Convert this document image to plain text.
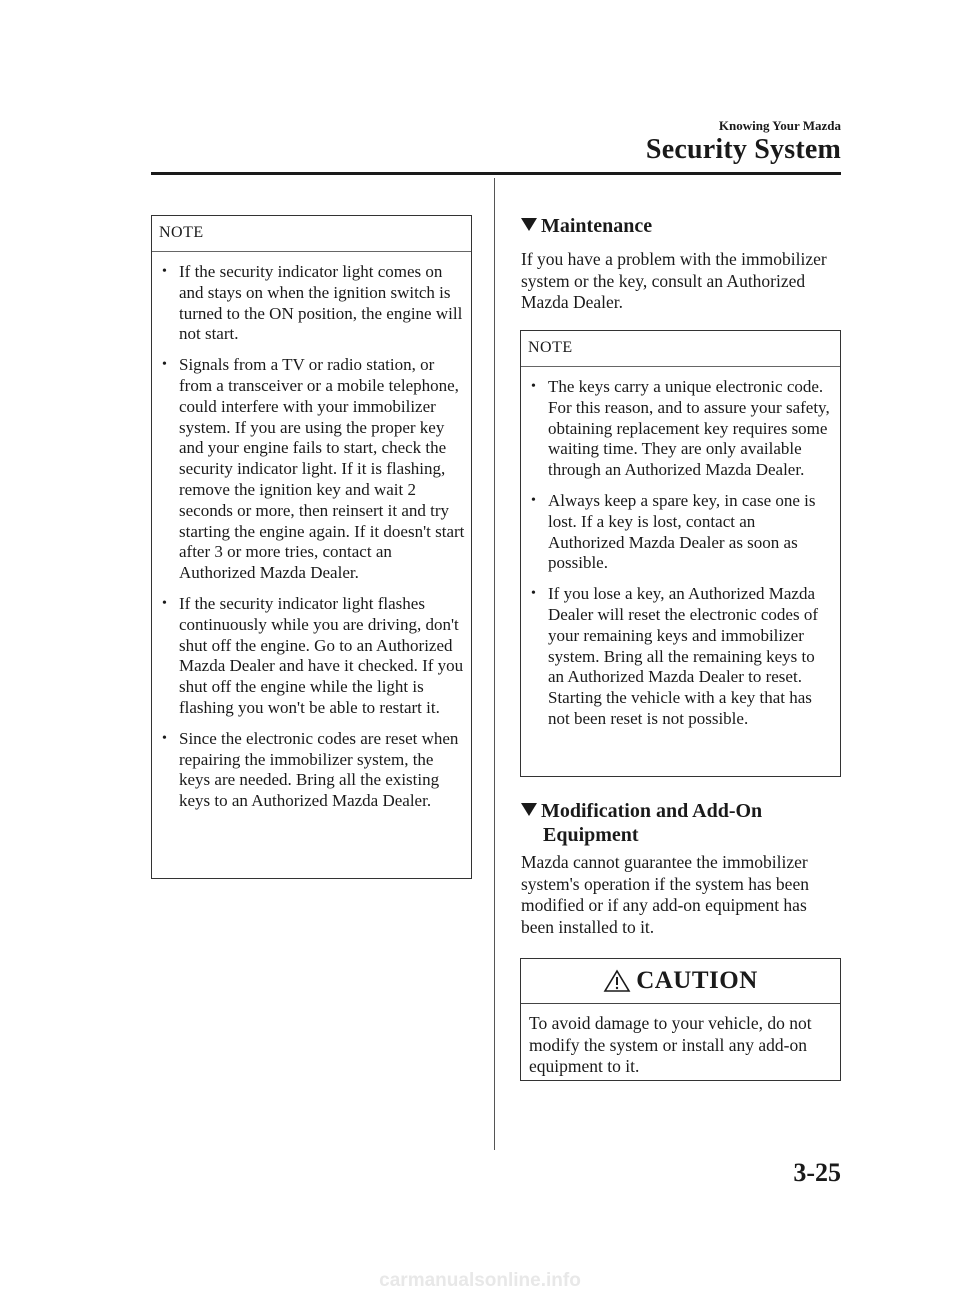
Knowing Your Mazda
Security System
NOTE
• If the security indicator light comes on and stays on when the ignition switch is turned to the ON position, the engine will not start.
• Signals from a TV or radio station, or from a transceiver or a mobile telephone, could interfere with your immobilizer system. If you are using the proper key and your engine fails to start, check the security indicator light. If it is flashing, remove the ignition key and wait 2 seconds or more, then reinsert it and try starting the engine again. If it doesn't start after 3 or more tries, contact an Authorized Mazda Dealer.
• If the security indicator light flashes continuously while you are driving, don't shut off the engine. Go to an Authorized Mazda Dealer and have it checked. If you shut off the engine while the light is flashing you won't be able to restart it.
• Since the electronic codes are reset when repairing the immobilizer system, the keys are needed. Bring all the existing keys to an Authorized Mazda Dealer.
Maintenance
If you have a problem with the immobilizer system or the key, consult an Authorized Mazda Dealer.
NOTE
• The keys carry a unique electronic code. For this reason, and to assure your safety, obtaining replacement key requires some waiting time. They are only available through an Authorized Mazda Dealer.
• Always keep a spare key, in case one is lost. If a key is lost, contact an Authorized Mazda Dealer as soon as possible.
• If you lose a key, an Authorized Mazda Dealer will reset the electronic codes of your remaining keys and immobilizer system. Bring all the remaining keys to an Authorized Mazda Dealer to reset. Starting the vehicle with a key that has not been reset is not possible.
Modification and Add-On
Equipment
Mazda cannot guarantee the immobilizer system's operation if the system has been modified or if any add-on equipment has been installed to it.
CAUTION
To avoid damage to your vehicle, do not modify the system or install any add-on equipment to it.
3-25
carmanualsonline.info
